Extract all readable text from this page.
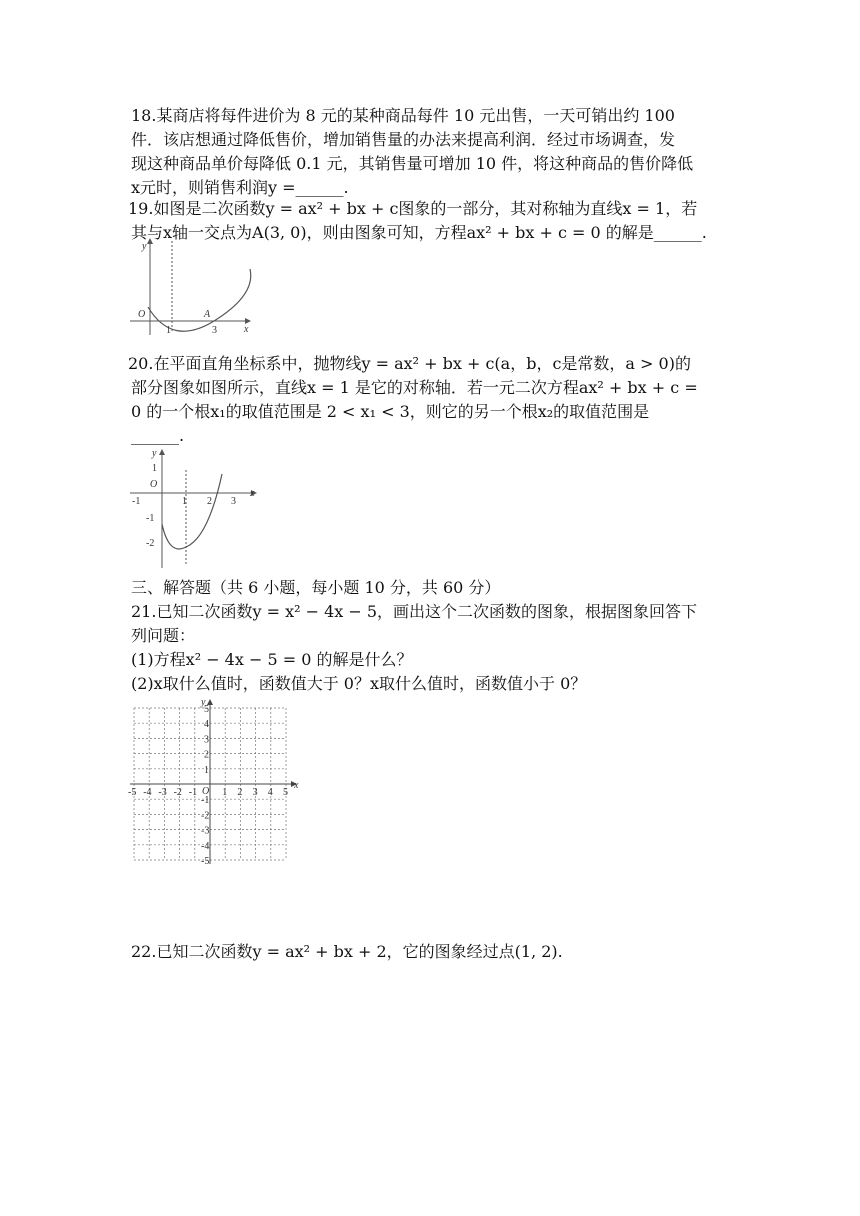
18.某商店将每件进价为 8 元的某种商品每件 10 元出售，一天可销出约 100
件．该店想通过降低售价，增加销售量的办法来提高利润．经过市场调查，发
现这种商品单价每降低 0.1 元，其销售量可增加 10 件，将这种商品的售价降低
x元时，则销售利润y =______.
19.如图是二次函数y = ax² + bx + c图象的一部分，其对称轴为直线x = 1，若
其与x轴一交点为A(3, 0)，则由图象可知，方程ax² + bx + c = 0 的解是______.
y
x
O	A
1	3
20.在平面直角坐标系中，抛物线y = ax² + bx + c(a，b，c是常数，a > 0)的
部分图象如图所示，直线x = 1 是它的对称轴．若一元二次方程ax² + bx + c =
0 的一个根x₁的取值范围是 2 < x₁ < 3，则它的另一个根x₂的取值范围是
______.
y
x
O
-1	1 2 3
1
-1
-2
三、解答题（共 6 小题，每小题 10 分，共 60 分）
21.已知二次函数y = x² − 4x − 5，画出这个二次函数的图象，根据图象回答下
列问题：
(1)方程x² − 4x − 5 = 0 的解是什么？
(2)x取什么值时，函数值大于 0？x取什么值时，函数值小于 0？
x
y
O
-5 -4 -3 -2 -1	1 2 3 4 5
5
4
3
2
1
-1
-2
-3
-4
-5
22.已知二次函数y = ax² + bx + 2，它的图象经过点(1, 2).
